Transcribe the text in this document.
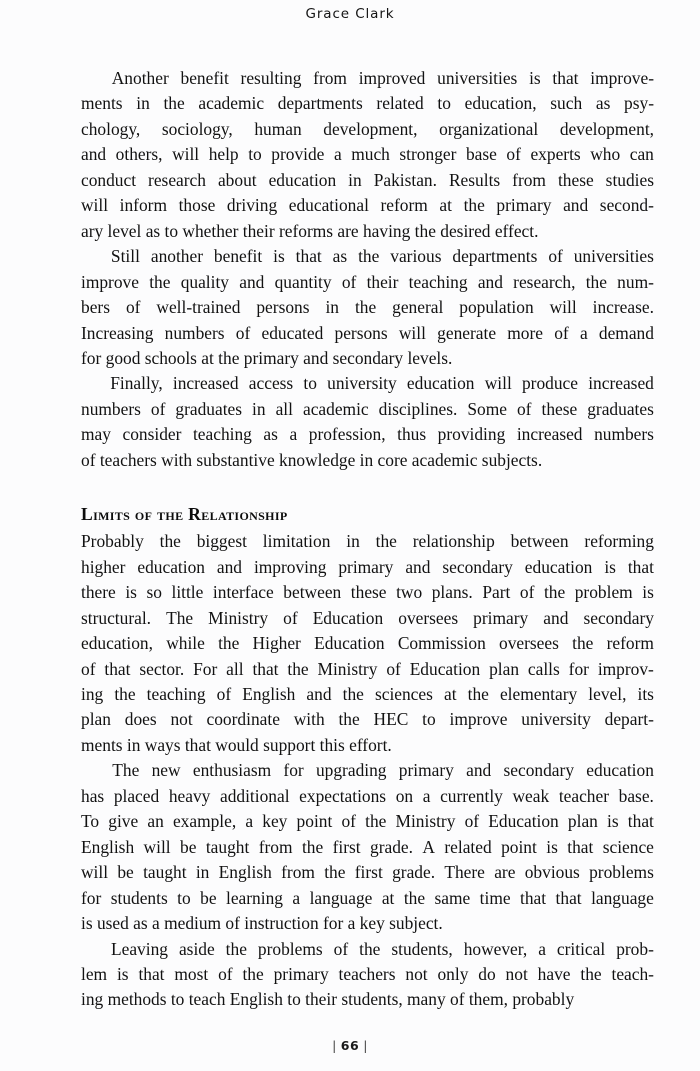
Grace Clark

Another benefit resulting from improved universities is that improve-
ments in the academic departments related to education, such as psy-
chology, sociology, human development, organizational development,
and others, will help to provide a much stronger base of experts who can
conduct research about education in Pakistan. Results from these studies
will inform those driving educational reform at the primary and second-
ary level as to whether their reforms are having the desired effect.

Still another benefit is that as the various departments of universities
improve the quality and quantity of their teaching and research, the num-
bers of well-trained persons in the general population will increase.
Increasing numbers of educated persons will generate more of a demand
for good schools at the primary and secondary levels.

Finally, increased access to university education will produce increased
numbers of graduates in all academic disciplines. Some of these graduates
may consider teaching as a profession, thus providing increased numbers
of teachers with substantive knowledge in core academic subjects.

Limits of the Relationship

Probably the biggest limitation in the relationship between reforming
higher education and improving primary and secondary education is that
there is so little interface between these two plans. Part of the problem is
structural. The Ministry of Education oversees primary and secondary
education, while the Higher Education Commission oversees the reform
of that sector. For all that the Ministry of Education plan calls for improv-
ing the teaching of English and the sciences at the elementary level, its
plan does not coordinate with the HEC to improve university depart-
ments in ways that would support this effort.

The new enthusiasm for upgrading primary and secondary education
has placed heavy additional expectations on a currently weak teacher base.
To give an example, a key point of the Ministry of Education plan is that
English will be taught from the first grade. A related point is that science
will be taught in English from the first grade. There are obvious problems
for students to be learning a language at the same time that that language
is used as a medium of instruction for a key subject.

Leaving aside the problems of the students, however, a critical prob-
lem is that most of the primary teachers not only do not have the teach-
ing methods to teach English to their students, many of them, probably

| 66 |
